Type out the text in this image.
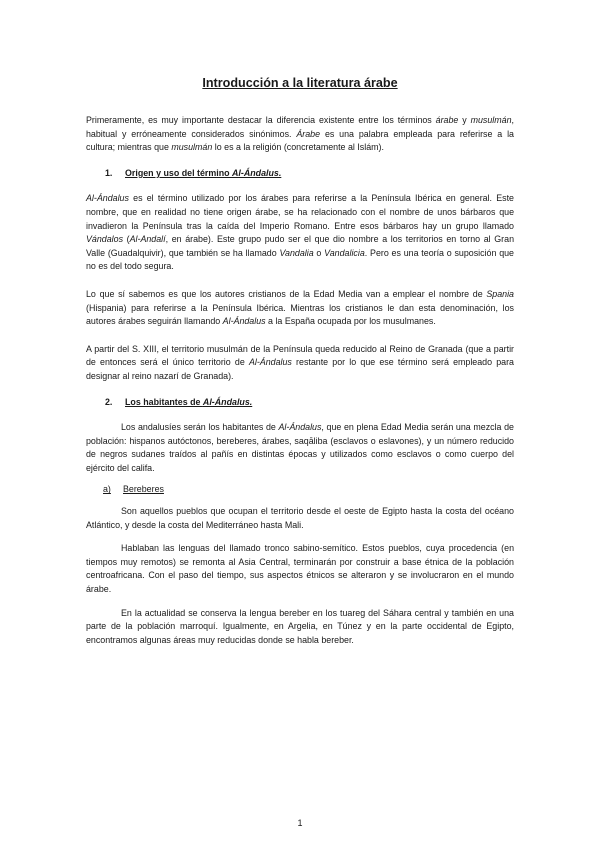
Introducción a la literatura árabe

Primeramente, es muy importante destacar la diferencia existente entre los términos árabe y musulmán, habitual y erróneamente considerados sinónimos. Árabe es una palabra empleada para referirse a la cultura; mientras que musulmán lo es a la religión (concretamente al Islám).

1. Origen y uso del término Al-Ándalus.

Al-Ándalus es el término utilizado por los árabes para referirse a la Península Ibérica en general. Este nombre, que en realidad no tiene origen árabe, se ha relacionado con el nombre de unos bárbaros que invadieron la Península tras la caída del Imperio Romano. Entre esos bárbaros hay un grupo llamado Vándalos (Al-Andalí, en árabe). Este grupo pudo ser el que dio nombre a los territorios en torno al Gran Valle (Guadalquivir), que también se ha llamado Vandalia o Vandalicia. Pero es una teoría o suposición que no es del todo segura.

Lo que sí sabemos es que los autores cristianos de la Edad Media van a emplear el nombre de Spania (Hispania) para referirse a la Península Ibérica. Mientras los cristianos le dan esta denominación, los autores árabes seguirán llamando Al-Ándalus a la España ocupada por los musulmanes.

A partir del S. XIII, el territorio musulmán de la Península queda reducido al Reino de Granada (que a partir de entonces será el único territorio de Al-Ándalus restante por lo que ese término será empleado para designar al reino nazarí de Granada).

2. Los habitantes de Al-Ándalus.

Los andalusíes serán los habitantes de Al-Ándalus, que en plena Edad Media serán una mezcla de población: hispanos autóctonos, bereberes, árabes, saqāliba (esclavos o eslavones), y un número reducido de negros sudanes traídos al pañís en distintas épocas y utilizados como esclavos o como cuerpo del ejército del califa.

a) Bereberes

Son aquellos pueblos que ocupan el territorio desde el oeste de Egipto hasta la costa del océano Atlántico, y desde la costa del Mediterráneo hasta Mali.

Hablaban las lenguas del llamado tronco sabino-semítico. Estos pueblos, cuya procedencia (en tiempos muy remotos) se remonta al Asia Central, terminarán por construir a base étnica de la población centroafricana. Con el paso del tiempo, sus aspectos étnicos se alteraron y se involucraron en el mundo árabe.

En la actualidad se conserva la lengua bereber en los tuareg del Sáhara central y también en una parte de la población marroquí. Igualmente, en Argelia, en Túnez y en la parte occidental de Egipto, encontramos algunas áreas muy reducidas donde se habla bereber.

1
